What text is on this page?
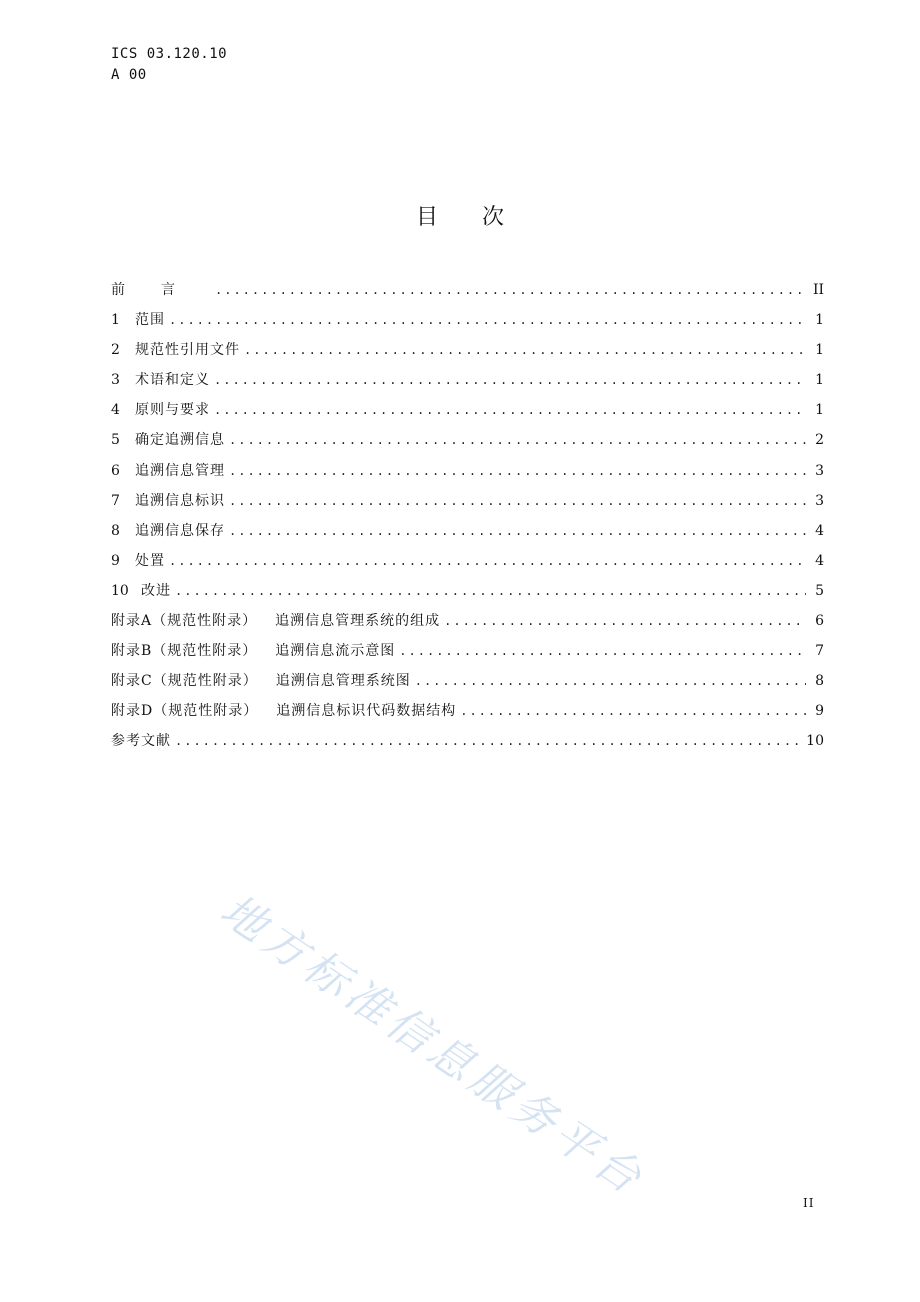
ICS 03.120.10
A 00
目次
前言 .....	II
1	范围 .....	1
2	规范性引用文件 .....	1
3	术语和定义 .....	1
4	原则与要求 .....	1
5	确定追溯信息 .....	2
6	追溯信息管理 .....	3
7	追溯信息标识 .....	3
8	追溯信息保存 .....	4
9	处置 .....	4
10 改进 .....	5
附录A（规范性附录） 追溯信息管理系统的组成 .....	6
附录B（规范性附录） 追溯信息流示意图 .....	7
附录C（规范性附录） 追溯信息管理系统图 .....	8
附录D（规范性附录） 追溯信息标识代码数据结构 .....	9
参考文献 .....	10
地方标准信息服务平台	II
